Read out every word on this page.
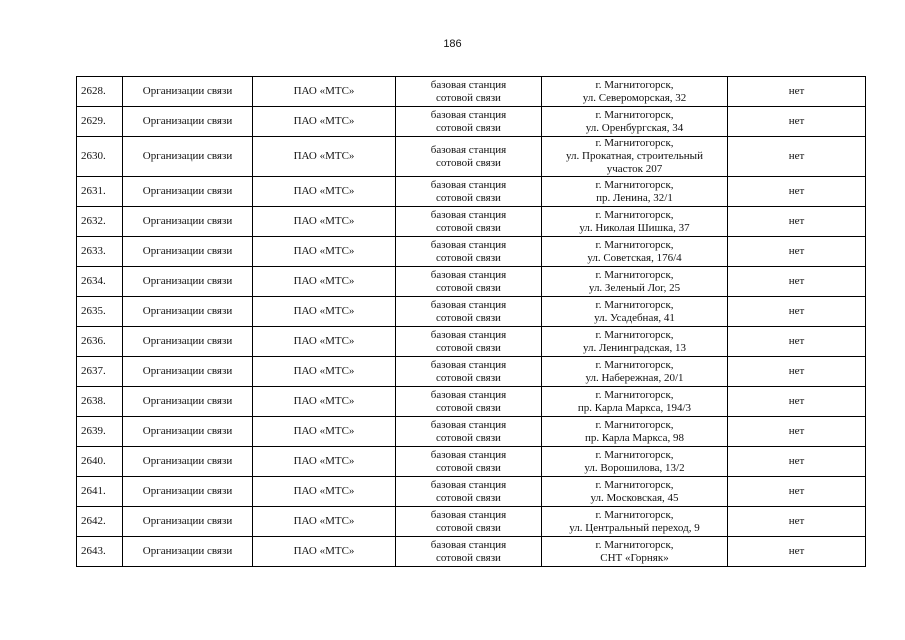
186
2628.	Организации связи	ПАО «МТС»	базовая станция
сотовой связи	г. Магнитогорск,
ул. Североморская, 32	нет
2629.	Организации связи	ПАО «МТС»	базовая станция
сотовой связи	г. Магнитогорск,
ул. Оренбургская, 34	нет
2630.	Организации связи	ПАО «МТС»	базовая станция
сотовой связи	г. Магнитогорск,
ул. Прокатная, строительный
участок 207	нет
2631.	Организации связи	ПАО «МТС»	базовая станция
сотовой связи	г. Магнитогорск,
пр. Ленина, 32/1	нет
2632.	Организации связи	ПАО «МТС»	базовая станция
сотовой связи	г. Магнитогорск,
ул. Николая Шишка, 37	нет
2633.	Организации связи	ПАО «МТС»	базовая станция
сотовой связи	г. Магнитогорск,
ул. Советская, 176/4	нет
2634.	Организации связи	ПАО «МТС»	базовая станция
сотовой связи	г. Магнитогорск,
ул. Зеленый Лог, 25	нет
2635.	Организации связи	ПАО «МТС»	базовая станция
сотовой связи	г. Магнитогорск,
ул. Усадебная, 41	нет
2636.	Организации связи	ПАО «МТС»	базовая станция
сотовой связи	г. Магнитогорск,
ул. Ленинградская, 13	нет
2637.	Организации связи	ПАО «МТС»	базовая станция
сотовой связи	г. Магнитогорск,
ул. Набережная, 20/1	нет
2638.	Организации связи	ПАО «МТС»	базовая станция
сотовой связи	г. Магнитогорск,
пр. Карла Маркса, 194/3	нет
2639.	Организации связи	ПАО «МТС»	базовая станция
сотовой связи	г. Магнитогорск,
пр. Карла Маркса, 98	нет
2640.	Организации связи	ПАО «МТС»	базовая станция
сотовой связи	г. Магнитогорск,
ул. Ворошилова, 13/2	нет
2641.	Организации связи	ПАО «МТС»	базовая станция
сотовой связи	г. Магнитогорск,
ул. Московская, 45	нет
2642.	Организации связи	ПАО «МТС»	базовая станция
сотовой связи	г. Магнитогорск,
ул. Центральный переход, 9	нет
2643.	Организации связи	ПАО «МТС»	базовая станция
сотовой связи	г. Магнитогорск,
СНТ «Горняк»	нет
